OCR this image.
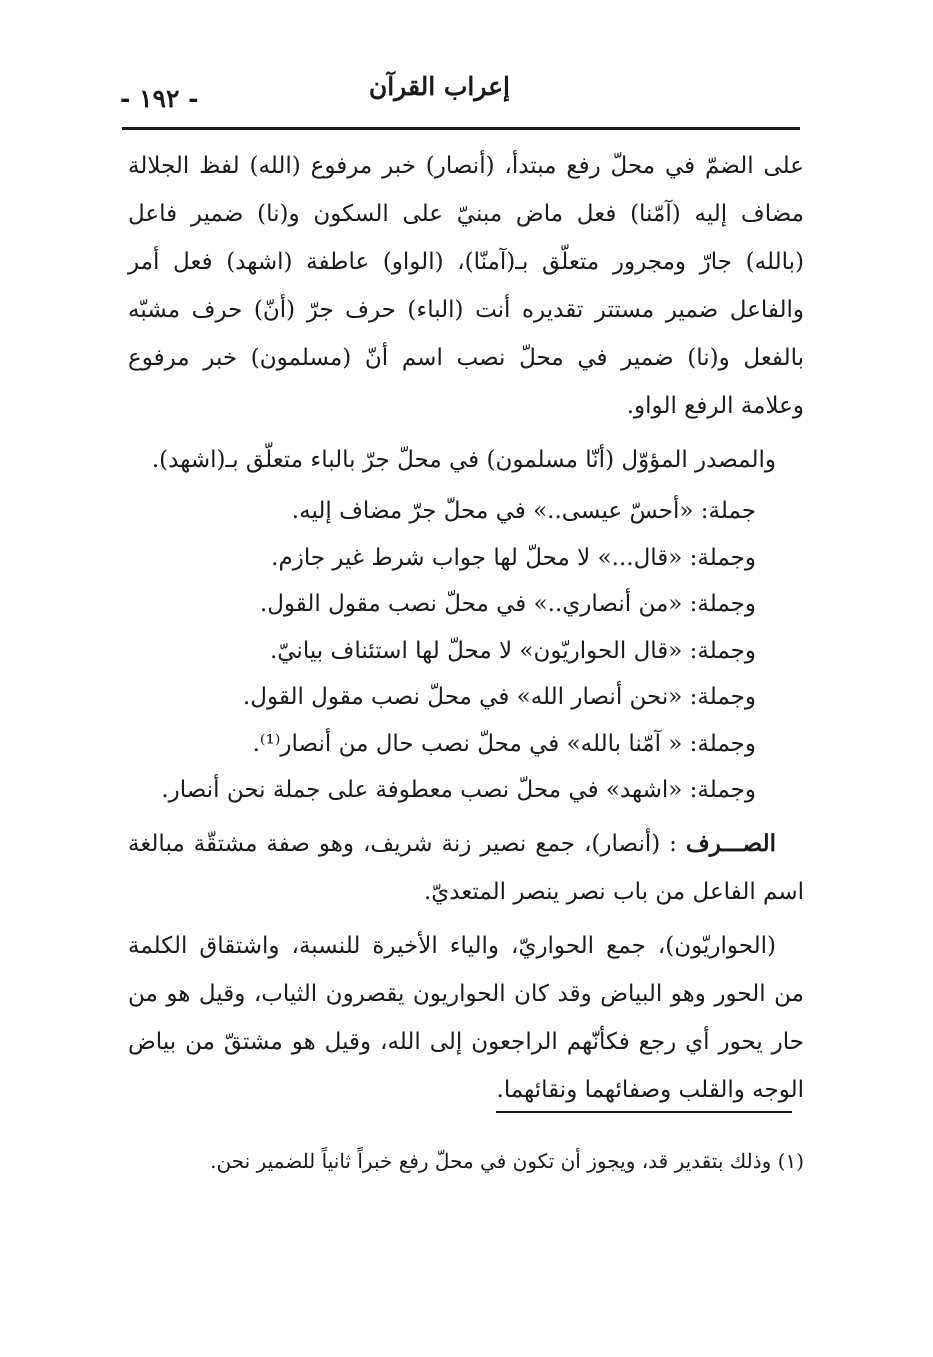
إعراب القرآن
- ١٩٢ -

على الضمّ في محلّ رفع مبتدأ، (أنصار) خبر مرفوع (الله) لفظ الجلالة مضاف إليه (آمّنا) فعل ماض مبنيّ على السكون و(نا) ضمير فاعل (بالله) جارّ ومجرور متعلّق بـ(آمنّا)، (الواو) عاطفة (اشهد) فعل أمر والفاعل ضمير مستتر تقديره أنت (الباء) حرف جرّ (أنّ) حرف مشبّه بالفعل و(نا) ضمير في محلّ نصب اسم أنّ (مسلمون) خبر مرفوع وعلامة الرفع الواو.

والمصدر المؤوّل (أنّا مسلمون) في محلّ جرّ بالباء متعلّق بـ(اشهد).

جملة: «أحسّ عيسى..» في محلّ جرّ مضاف إليه.
وجملة: «قال...» لا محلّ لها جواب شرط غير جازم.
وجملة: «من أنصاري..» في محلّ نصب مقول القول.
وجملة: «قال الحواريّون» لا محلّ لها استئناف بيانيّ.
وجملة: «نحن أنصار الله» في محلّ نصب مقول القول.
وجملة: « آمّنا بالله» في محلّ نصب حال من أنصار⁽¹⁾.
وجملة: «اشهد» في محلّ نصب معطوفة على جملة نحن أنصار.

الصـــرف : (أنصار)، جمع نصير زنة شريف، وهو صفة مشتقّة مبالغة اسم الفاعل من باب نصر ينصر المتعديّ.

(الحواريّون)، جمع الحواريّ، والياء الأخيرة للنسبة، واشتقاق الكلمة من الحور وهو البياض وقد كان الحواريون يقصرون الثياب، وقيل هو من حار يحور أي رجع فكأنّهم الراجعون إلى الله، وقيل هو مشتقّ من بياض الوجه والقلب وصفائهما ونقائهما.

(١) وذلك بتقدير قد، ويجوز أن تكون في محلّ رفع خبراً ثانياً للضمير نحن.
